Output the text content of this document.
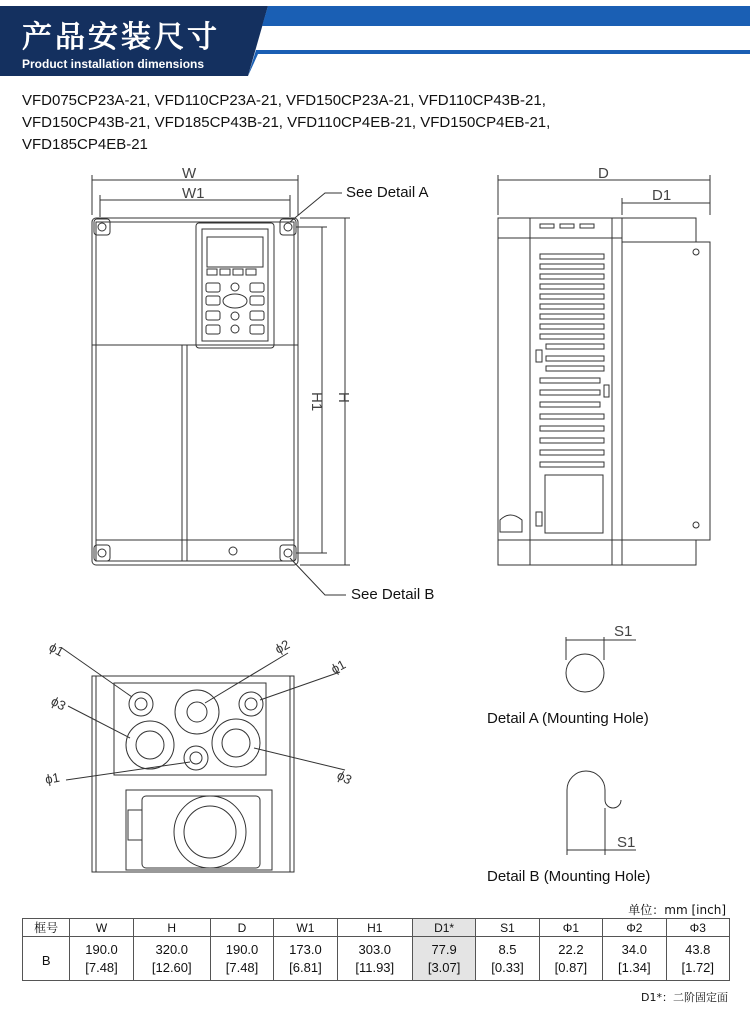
产品安装尺寸
Product installation dimensions
VFD075CP23A-21, VFD110CP23A-21, VFD150CP23A-21, VFD110CP43B-21,
VFD150CP43B-21, VFD185CP43B-21, VFD110CP4EB-21, VFD150CP4EB-21,
VFD185CP4EB-21
ϕ1	ϕ2
ϕ1
ϕ3
ϕ1	ϕ3
W
W1
H
H1
D
D1
S1
S1
See Detail A
See Detail B
Detail A (Mounting Hole)
Detail B (Mounting Hole)
单位：mm [inch]
框号	W	H	D	W1	H1	D1*	S1	Φ1	Φ2	Φ3
B	190.0	320.0	190.0	173.0	303.0	77.9	8.5	22.2	34.0	43.8
	[7.48]	[12.60]	[7.48]	[6.81]	[11.93]	[3.07]	[0.33]	[0.87]	[1.34]	[1.72]
D1*：二阶固定面
